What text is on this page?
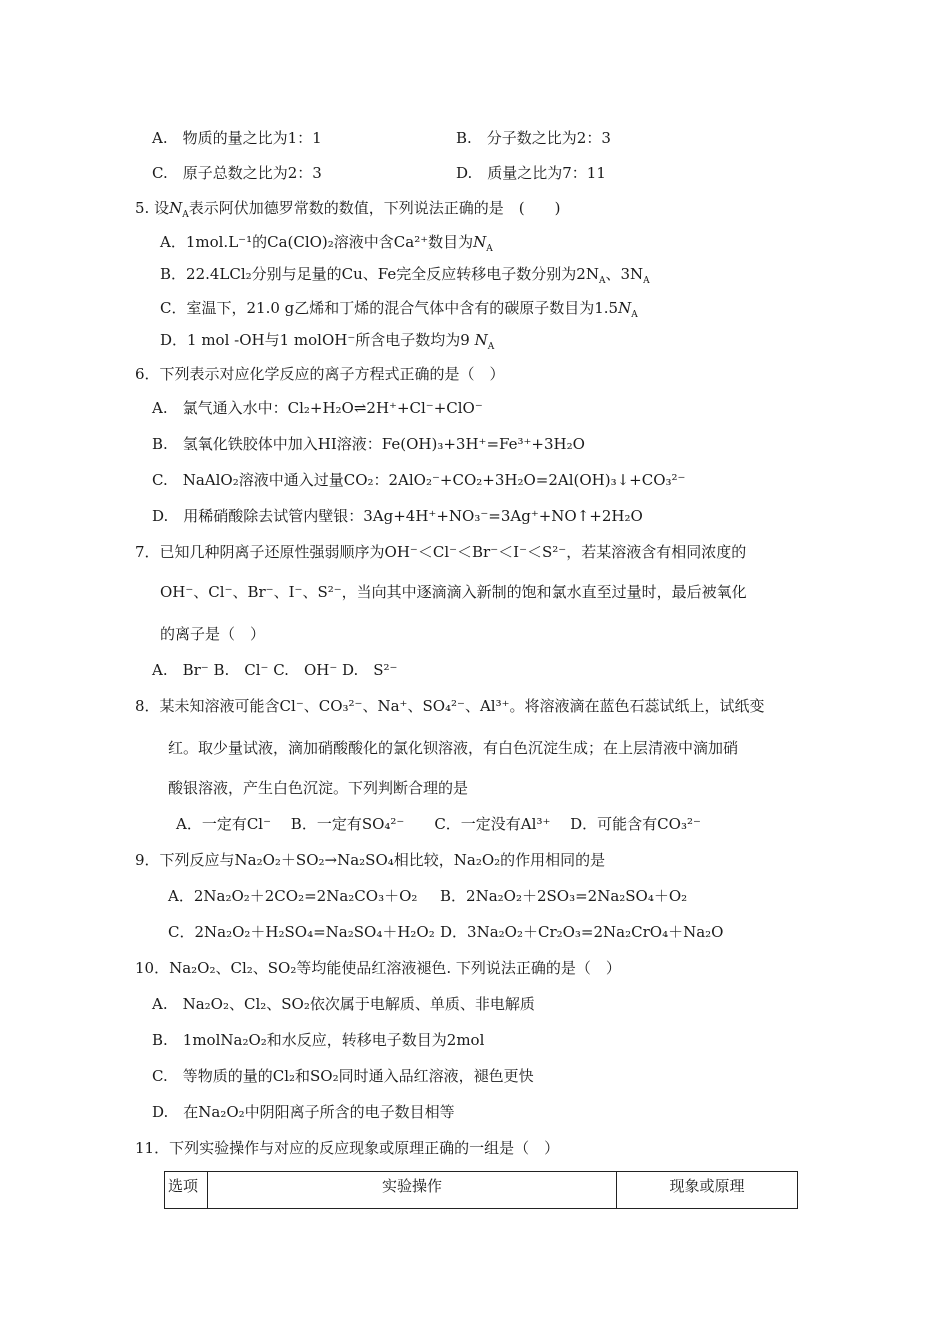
A.　物质的量之比为1：1	B.　分子数之比为2：3
C.　原子总数之比为2：3	D.　质量之比为7：11
5. 设$N_A$表示阿伏加德罗常数的数值，下列说法正确的是　(　　)
A．1mol.L⁻¹的Ca(ClO)₂溶液中含Ca²⁺数目为$N_A$
B．22.4LCl₂分别与足量的Cu、Fe完全反应转移电子数分别为$2N_A$、$3N_A$
C．室温下，21.0 g乙烯和丁烯的混合气体中含有的碳原子数目为$1.5N_A$
D．1 mol -OH与1 molOH⁻所含电子数均为9 $N_A$
6．下列表示对应化学反应的离子方程式正确的是（　）
A.　氯气通入水中：Cl₂+H₂O⇌2H⁺+Cl⁻+ClO⁻
B.　氢氧化铁胶体中加入HI溶液：Fe(OH)₃+3H⁺=Fe³⁺+3H₂O
C.　NaAlO₂溶液中通入过量CO₂：2AlO₂⁻+CO₂+3H₂O=2Al(OH)₃↓+CO₃²⁻
D.　用稀硝酸除去试管内壁银：3Ag+4H⁺+NO₃⁻=3Ag⁺+NO↑+2H₂O
7．已知几种阴离子还原性强弱顺序为OH⁻＜Cl⁻＜Br⁻＜I⁻＜S²⁻，若某溶液含有相同浓度的
OH⁻、Cl⁻、Br⁻、I⁻、S²⁻，当向其中逐滴滴入新制的饱和氯水直至过量时，最后被氧化
的离子是（　）
A.　Br⁻ B.　Cl⁻ C.　OH⁻ D.　S²⁻
8．某未知溶液可能含Cl⁻、CO₃²⁻、Na⁺、SO₄²⁻、Al³⁺。将溶液滴在蓝色石蕊试纸上，试纸变
红。取少量试液，滴加硝酸酸化的氯化钡溶液，有白色沉淀生成；在上层清液中滴加硝
酸银溶液，产生白色沉淀。下列判断合理的是
A．一定有Cl⁻　 B．一定有SO₄²⁻　　C．一定没有Al³⁺　 D．可能含有CO₃²⁻
9．下列反应与Na₂O₂＋SO₂→Na₂SO₄相比较，Na₂O₂的作用相同的是
A．2Na₂O₂＋2CO₂=2Na₂CO₃＋O₂ B．2Na₂O₂＋2SO₃=2Na₂SO₄＋O₂
C．2Na₂O₂＋H₂SO₄=Na₂SO₄＋H₂O₂ D．3Na₂O₂＋Cr₂O₃=2Na₂CrO₄＋Na₂O
10．Na₂O₂、Cl₂、SO₂等均能使品红溶液褪色. 下列说法正确的是（　）
A.　Na₂O₂、Cl₂、SO₂依次属于电解质、单质、非电解质
B.　1molNa₂O₂和水反应，转移电子数目为2mol
C.　等物质的量的Cl₂和SO₂同时通入品红溶液，褪色更快
D.　在Na₂O₂中阴阳离子所含的电子数目相等
11．下列实验操作与对应的反应现象或原理正确的一组是（　）
选项	实验操作	现象或原理
